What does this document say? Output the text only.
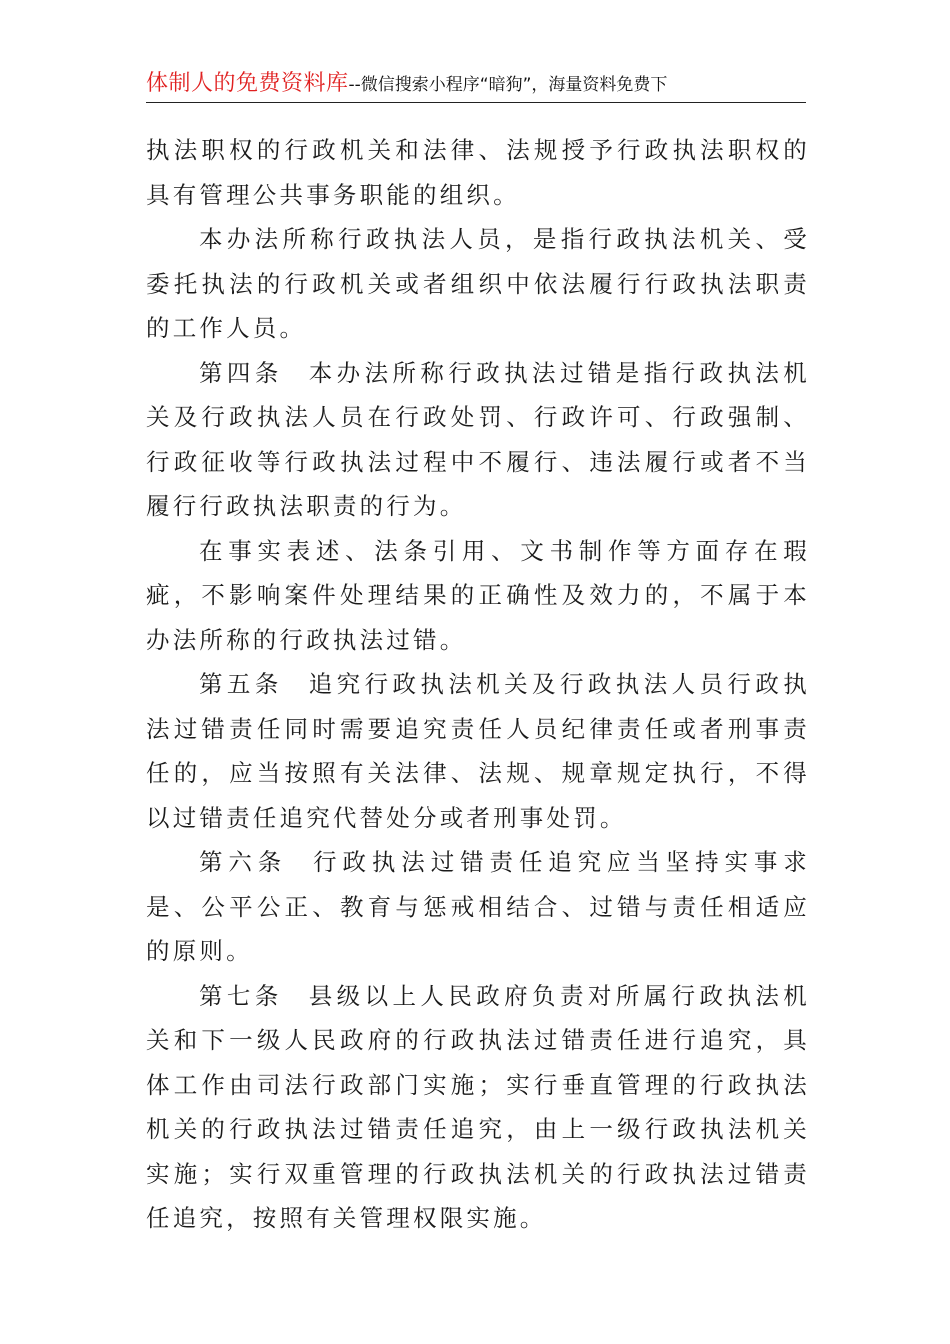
体制人的免费资料库--微信搜索小程序“暗狗”，海量资料免费下

执法职权的行政机关和法律、法规授予行政执法职权的具有管理公共事务职能的组织。

本办法所称行政执法人员，是指行政执法机关、受委托执法的行政机关或者组织中依法履行行政执法职责的工作人员。

第四条 本办法所称行政执法过错是指行政执法机关及行政执法人员在行政处罚、行政许可、行政强制、行政征收等行政执法过程中不履行、违法履行或者不当履行行政执法职责的行为。

在事实表述、法条引用、文书制作等方面存在瑕疵，不影响案件处理结果的正确性及效力的，不属于本办法所称的行政执法过错。

第五条 追究行政执法机关及行政执法人员行政执法过错责任同时需要追究责任人员纪律责任或者刑事责任的，应当按照有关法律、法规、规章规定执行，不得以过错责任追究代替处分或者刑事处罚。

第六条 行政执法过错责任追究应当坚持实事求是、公平公正、教育与惩戒相结合、过错与责任相适应的原则。

第七条 县级以上人民政府负责对所属行政执法机关和下一级人民政府的行政执法过错责任进行追究，具体工作由司法行政部门实施；实行垂直管理的行政执法机关的行政执法过错责任追究，由上一级行政执法机关实施；实行双重管理的行政执法机关的行政执法过错责任追究，按照有关管理权限实施。
